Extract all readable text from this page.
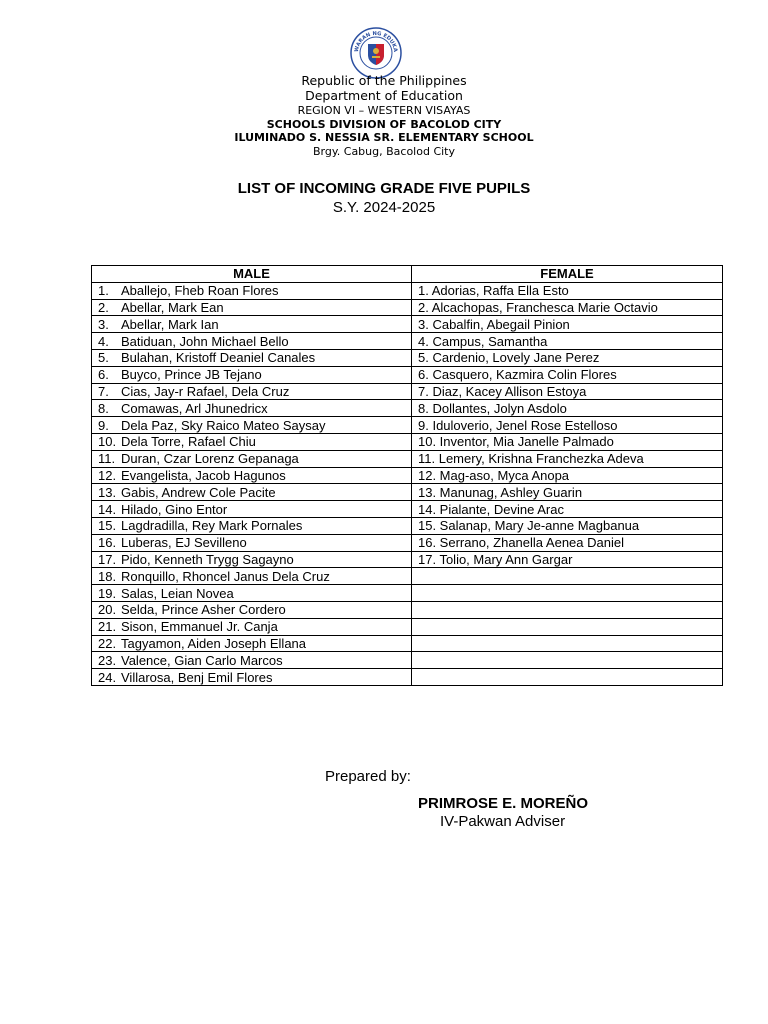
WARAN NG EDUKA
Republic of the Philippines
Department of Education
REGION VI – WESTERN VISAYAS
SCHOOLS DIVISION OF BACOLOD CITY
ILUMINADO S. NESSIA SR. ELEMENTARY SCHOOL
Brgy. Cabug, Bacolod City
LIST OF INCOMING GRADE FIVE PUPILS
S.Y. 2024-2025
MALE	FEMALE
1. Aballejo, Fheb Roan Flores	1. Adorias, Raffa Ella Esto
2. Abellar, Mark Ean	2. Alcachopas, Franchesca Marie Octavio
3. Abellar, Mark Ian	3. Cabalfin, Abegail Pinion
4. Batiduan, John Michael Bello	4. Campus, Samantha
5. Bulahan, Kristoff Deaniel Canales	5. Cardenio, Lovely Jane Perez
6. Buyco, Prince JB Tejano	6. Casquero, Kazmira Colin Flores
7. Cias, Jay-r Rafael, Dela Cruz	7. Diaz, Kacey Allison Estoya
8. Comawas, Arl Jhunedricx	8. Dollantes, Jolyn Asdolo
9. Dela Paz, Sky Raico Mateo Saysay	9. Iduloverio, Jenel Rose Estelloso
10. Dela Torre, Rafael Chiu	10. Inventor, Mia Janelle Palmado
11. Duran, Czar Lorenz Gepanaga	11. Lemery, Krishna Franchezka Adeva
12. Evangelista, Jacob Hagunos	12. Mag-aso, Myca Anopa
13. Gabis, Andrew Cole Pacite	13. Manunag, Ashley Guarin
14. Hilado, Gino Entor	14. Pialante, Devine Arac
15. Lagdradilla, Rey Mark Pornales	15. Salanap, Mary Je-anne Magbanua
16. Luberas, EJ Sevilleno	16. Serrano, Zhanella Aenea Daniel
17. Pido, Kenneth Trygg Sagayno	17. Tolio, Mary Ann Gargar
18. Ronquillo, Rhoncel Janus Dela Cruz	
19. Salas, Leian Novea	
20. Selda, Prince Asher Cordero	
21. Sison, Emmanuel Jr. Canja	
22. Tagyamon, Aiden Joseph Ellana	
23. Valence, Gian Carlo Marcos	
24. Villarosa, Benj Emil Flores	
Prepared by:
PRIMROSE E. MOREÑO
IV-Pakwan Adviser
